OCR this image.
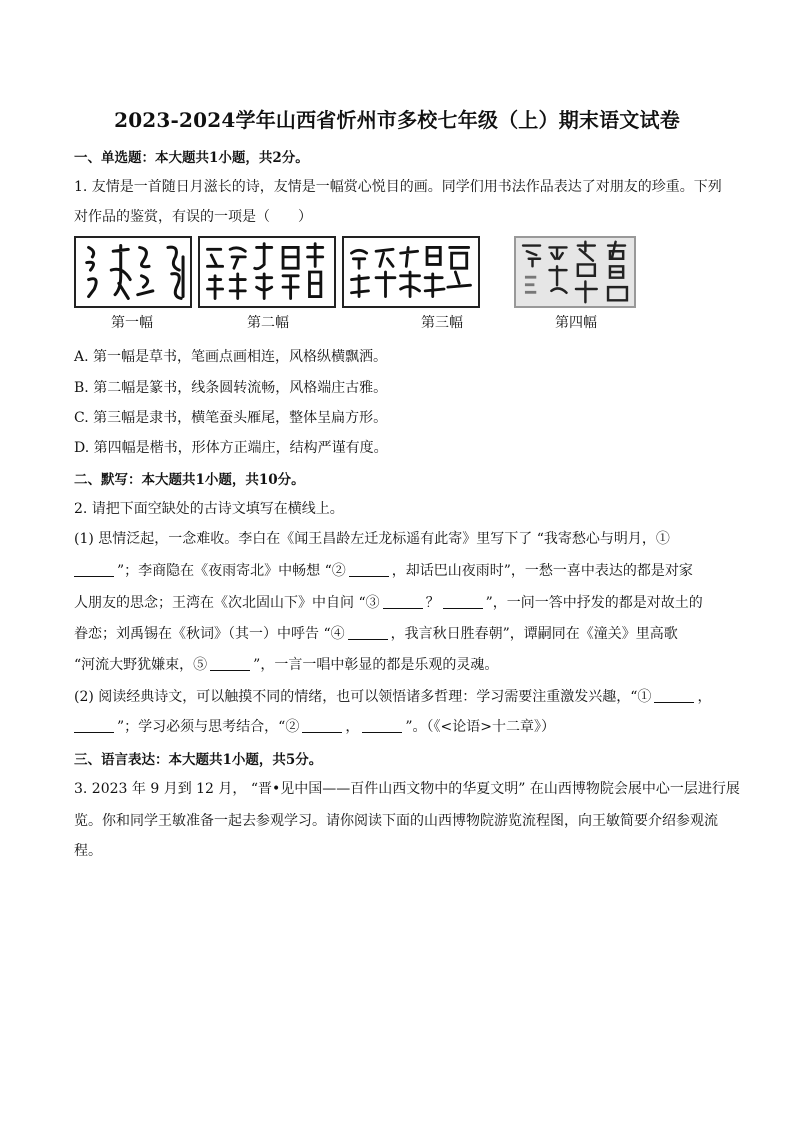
2023-2024学年山西省忻州市多校七年级（上）期末语文试卷
一、单选题：本大题共1小题，共2分。
1. 友情是一首随日月滋长的诗，友情是一幅赏心悦目的画。同学们用书法作品表达了对朋友的珍重。下列
对作品的鉴赏，有误的一项是（　　）
第一幅	第二幅	第三幅	第四幅
A. 第一幅是草书，笔画点画相连，风格纵横飘洒。
B. 第二幅是篆书，线条圆转流畅，风格端庄古雅。
C. 第三幅是隶书，横笔蚕头雁尾，整体呈扁方形。
D. 第四幅是楷书，形体方正端庄，结构严谨有度。
二、默写：本大题共1小题，共10分。
2. 请把下面空缺处的古诗文填写在横线上。
(1) 思情泛起，一念难收。李白在《闻王昌龄左迁龙标遥有此寄》里写下了 “我寄愁心与明月，①
”；李商隐在《夜雨寄北》中畅想 “②	，却话巴山夜雨时”，一愁一喜中表达的都是对家
人朋友的思念；王湾在《次北固山下》中自问 “③	？	”，一问一答中抒发的都是对故土的
眷恋；刘禹锡在《秋词》（其一）中呼告 “④	，我言秋日胜春朝”，谭嗣同在《潼关》里高歌
“河流大野犹嫌束，⑤	”，一言一唱中彰显的都是乐观的灵魂。
(2) 阅读经典诗文，可以触摸不同的情绪，也可以领悟诸多哲理：学习需要注重激发兴趣，“①	，
”；学习必须与思考结合，“②	，	”。（《<论语>十二章》）
三、语言表达：本大题共1小题，共5分。
3. 2023 年 9 月到 12 月， “晋•见中国——百件山西文物中的华夏文明” 在山西博物院会展中心一层进行展
览。你和同学王敏准备一起去参观学习。请你阅读下面的山西博物院游览流程图，向王敏简要介绍参观流
程。
